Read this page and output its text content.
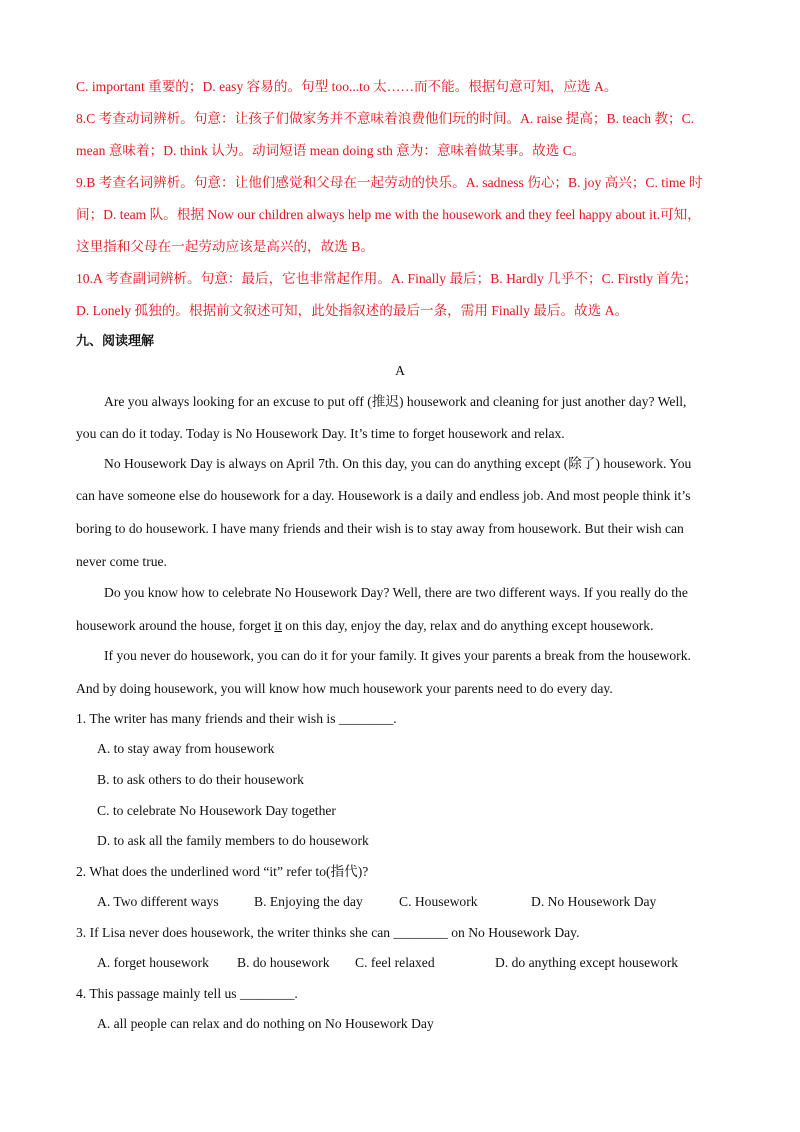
C. important 重要的；D. easy 容易的。句型 too...to 太……而不能。根据句意可知，应选 A。
8.C 考查动词辨析。句意：让孩子们做家务并不意味着浪费他们玩的时间。A. raise 提高；B. teach 教；C.
mean 意味着；D. think 认为。动词短语 mean doing sth 意为：意味着做某事。故选 C。
9.B 考查名词辨析。句意：让他们感觉和父母在一起劳动的快乐。A. sadness 伤心；B. joy 高兴；C. time 时
间；D. team 队。根据 Now our children always help me with the housework and they feel happy about it.可知，
这里指和父母在一起劳动应该是高兴的，故选 B。
10.A 考查副词辨析。句意：最后，它也非常起作用。A. Finally 最后；B. Hardly 几乎不；C. Firstly 首先；
D. Lonely 孤独的。根据前文叙述可知，此处指叙述的最后一条，需用 Finally 最后。故选 A。
九、阅读理解
A
Are you always looking for an excuse to put off (推迟) housework and cleaning for just another day? Well,
you can do it today. Today is No Housework Day. It’s time to forget housework and relax.
No Housework Day is always on April 7th. On this day, you can do anything except (除了) housework. You
can have someone else do housework for a day. Housework is a daily and endless job. And most people think it’s
boring to do housework. I have many friends and their wish is to stay away from housework. But their wish can
never come true.
Do you know how to celebrate No Housework Day? Well, there are two different ways. If you really do the
housework around the house, forget it on this day, enjoy the day, relax and do anything except housework.
If you never do housework, you can do it for your family. It gives your parents a break from the housework.
And by doing housework, you will know how much housework your parents need to do every day.
1. The writer has many friends and their wish is ________.
A. to stay away from housework
B. to ask others to do their housework
C. to celebrate No Housework Day together
D. to ask all the family members to do housework
2. What does the underlined word “it” refer to(指代)?
A. Two different ways	B. Enjoying the day	C. Housework	D. No Housework Day
3. If Lisa never does housework, the writer thinks she can ________ on No Housework Day.
A. forget housework B. do housework C. feel relaxed	D. do anything except housework
4. This passage mainly tell us ________.
A. all people can relax and do nothing on No Housework Day
